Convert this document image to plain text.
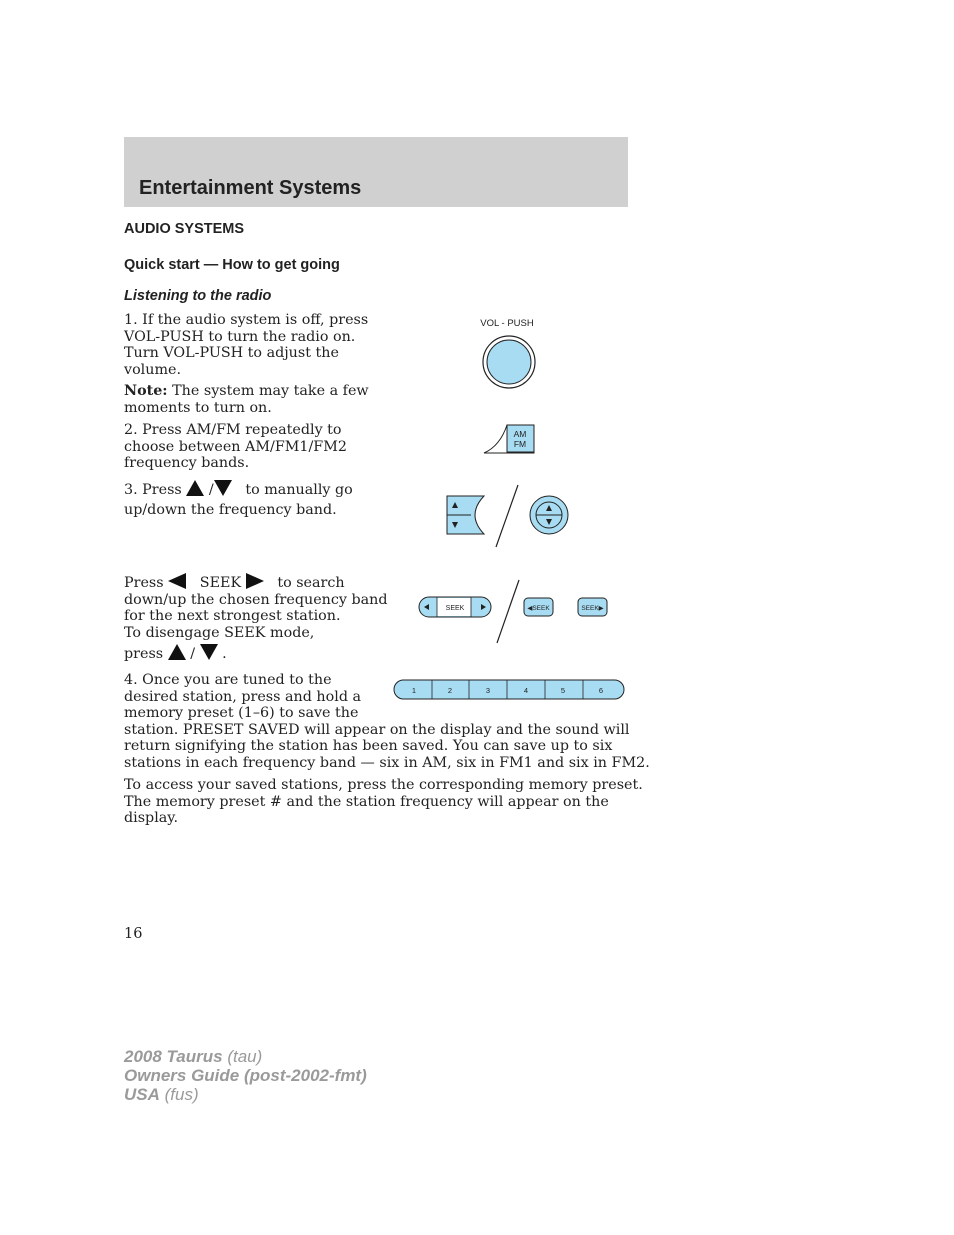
Entertainment Systems
AUDIO SYSTEMS
Quick start — How to get going
Listening to the radio
1. If the audio system is off, press
VOL-PUSH to turn the radio on.
Turn VOL-PUSH to adjust the
volume.
Note: The system may take a few
moments to turn on.
2. Press AM/FM repeatedly to
choose between AM/FM1/FM2
frequency bands.
3. Press / to manually go
up/down the frequency band.
Press	SEEK	to search
down/up the chosen frequency band
for the next strongest station.
To disengage SEEK mode,
press / .
4. Once you are tuned to the
desired station, press and hold a
memory preset (1–6) to save the
station. PRESET SAVED will appear on the display and the sound will
return signifying the station has been saved. You can save up to six
stations in each frequency band — six in AM, six in FM1 and six in FM2.
To access your saved stations, press the corresponding memory preset.
The memory preset # and the station frequency will appear on the
display.
VOL - PUSH
AM
FM
SEEK	◀SEEK	SEEK▶
1	2	3	4	5	6
16
2008 Taurus (tau)
Owners Guide (post-2002-fmt)
USA (fus)
